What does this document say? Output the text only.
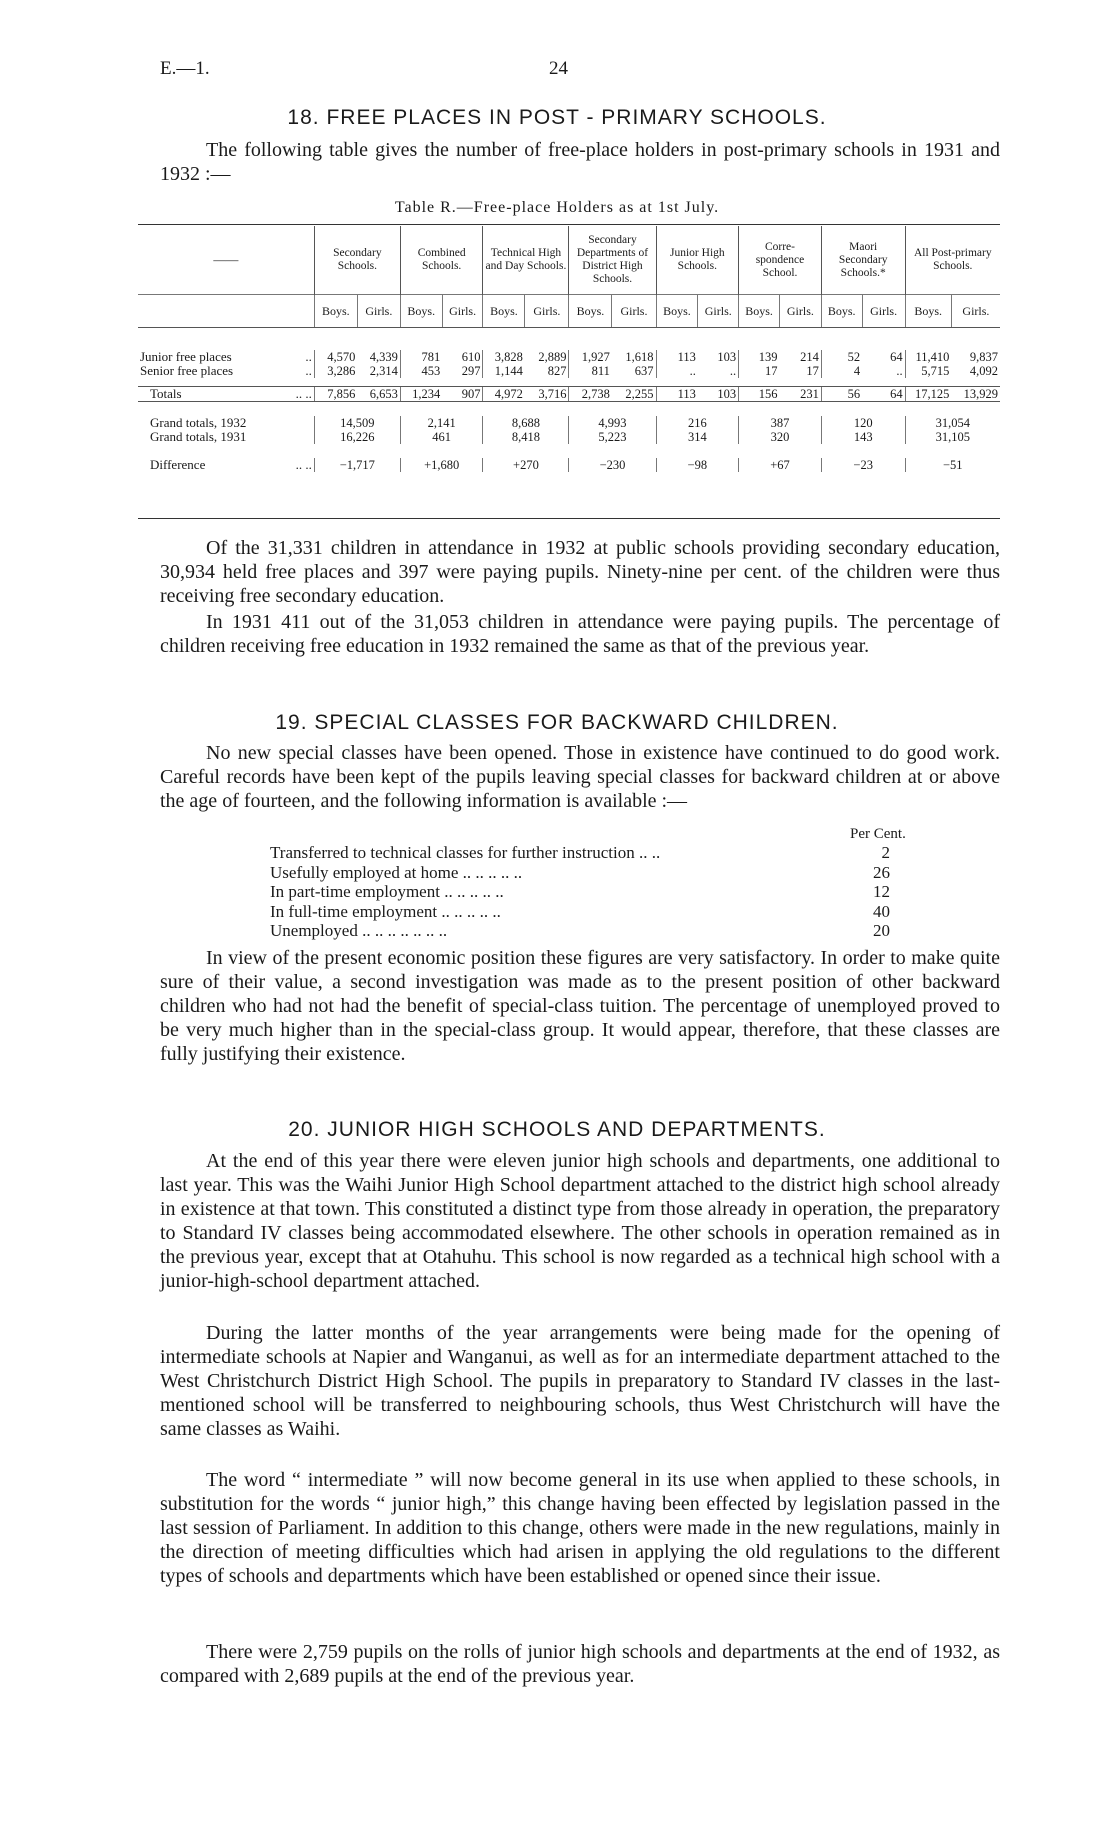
E.—1.	24
18. FREE PLACES IN POST - PRIMARY SCHOOLS.

The following table gives the number of free-place holders in post-primary schools in 1931 and 1932 :—

Table R.—Free-place Holders as at 1st July.
——	Secondary Schools.		Combined Schools.		Technical High and Day Schools.		Secondary Departments of District High Schools.		Junior High Schools.		Corre-spondence School.		Maori Secondary Schools.*		All Post-primary Schools.	
	Boys.	Girls.	Boys.	Girls.	Boys.	Girls.	Boys.	Girls.	Boys.	Girls.	Boys.	Girls.	Boys.	Girls.	Boys.	Girls.

Junior free places ..	4,570	4,339	781	610	3,828	2,889	1,927	1,618	113	103	139	214	52	64	11,410	9,837
Senior free places ..	3,286	2,314	453	297	1,144	827	811	637	..	..	17	17	4	..	5,715	4,092

Totals .. ..	7,856	6,653	1,234	907	4,972	3,716	2,738	2,255	113	103	156	231	56	64	17,125	13,929

Grand totals, 1932	14,509		2,141		8,688		4,993		216		387		120		31,054	
Grand totals, 1931	16,226		461		8,418		5,223		314		320		143		31,105	

Difference .. ..	−1,717		+1,680		+270		−230		−98		+67		−23		−51	

Of the 31,331 children in attendance in 1932 at public schools providing secondary education, 30,934 held free places and 397 were paying pupils. Ninety-nine per cent. of the children were thus receiving free secondary education.

In 1931 411 out of the 31,053 children in attendance were paying pupils. The percentage of children receiving free education in 1932 remained the same as that of the previous year.

19. SPECIAL CLASSES FOR BACKWARD CHILDREN.

No new special classes have been opened. Those in existence have continued to do good work. Careful records have been kept of the pupils leaving special classes for backward children at or above the age of fourteen, and the following information is available :—

Per Cent.
Transferred to technical classes for further instruction .. ..	2
Usefully employed at home .. .. .. .. ..	26
In part-time employment .. .. .. .. ..	12
In full-time employment .. .. .. .. ..	40
Unemployed .. .. .. .. .. .. ..	20

In view of the present economic position these figures are very satisfactory. In order to make quite sure of their value, a second investigation was made as to the present position of other backward children who had not had the benefit of special-class tuition. The percentage of unemployed proved to be very much higher than in the special-class group. It would appear, therefore, that these classes are fully justifying their existence.

20. JUNIOR HIGH SCHOOLS AND DEPARTMENTS.

At the end of this year there were eleven junior high schools and departments, one additional to last year. This was the Waihi Junior High School department attached to the district high school already in existence at that town. This constituted a distinct type from those already in operation, the preparatory to Standard IV classes being accommodated elsewhere. The other schools in operation remained as in the previous year, except that at Otahuhu. This school is now regarded as a technical high school with a junior-high-school department attached.

During the latter months of the year arrangements were being made for the opening of intermediate schools at Napier and Wanganui, as well as for an intermediate department attached to the West Christchurch District High School. The pupils in preparatory to Standard IV classes in the last-mentioned school will be transferred to neighbouring schools, thus West Christchurch will have the same classes as Waihi.

The word “ intermediate ” will now become general in its use when applied to these schools, in substitution for the words “ junior high,” this change having been effected by legislation passed in the last session of Parliament. In addition to this change, others were made in the new regulations, mainly in the direction of meeting difficulties which had arisen in applying the old regulations to the different types of schools and departments which have been established or opened since their issue.

There were 2,759 pupils on the rolls of junior high schools and departments at the end of 1932, as compared with 2,689 pupils at the end of the previous year.
